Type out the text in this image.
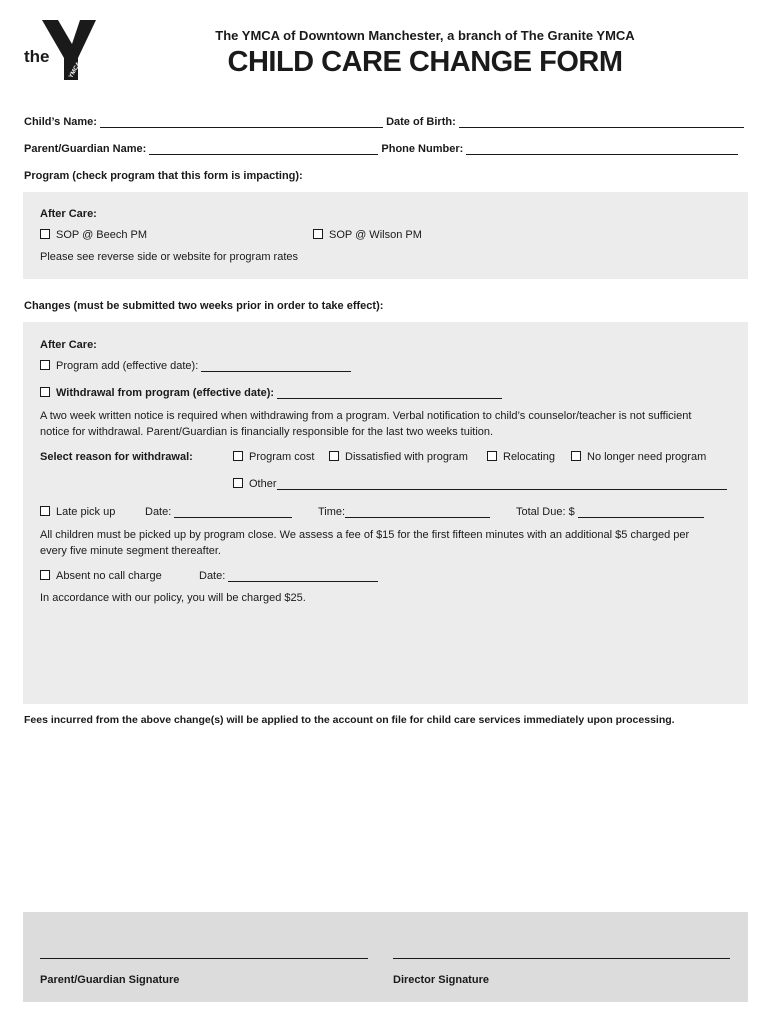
the
YMCA
The YMCA of Downtown Manchester, a branch of The Granite YMCA
CHILD CARE CHANGE FORM
Child’s Name:	Date of Birth:
Parent/Guardian Name:	Phone Number:
Program (check program that this form is impacting):
After Care:
SOP @ Beech PM	SOP @ Wilson PM
Please see reverse side or website for program rates
Changes (must be submitted two weeks prior in order to take effect):
After Care:
Program add (effective date):
Withdrawal from program (effective date):
A two week written notice is required when withdrawing from a program. Verbal notification to child’s counselor/teacher is not sufficient
notice for withdrawal. Parent/Guardian is financially responsible for the last two weeks tuition.
Select reason for withdrawal:	Program cost	Dissatisfied with program	Relocating	No longer need program
Other
Late pick up	Date:	Time:	Total Due: $
All children must be picked up by program close. We assess a fee of $15 for the first fifteen minutes with an additional $5 charged per
every five minute segment thereafter.
Absent no call charge	Date:
In accordance with our policy, you will be charged $25.
Fees incurred from the above change(s) will be applied to the account on file for child care services immediately upon processing.
Parent/Guardian Signature	Director Signature
